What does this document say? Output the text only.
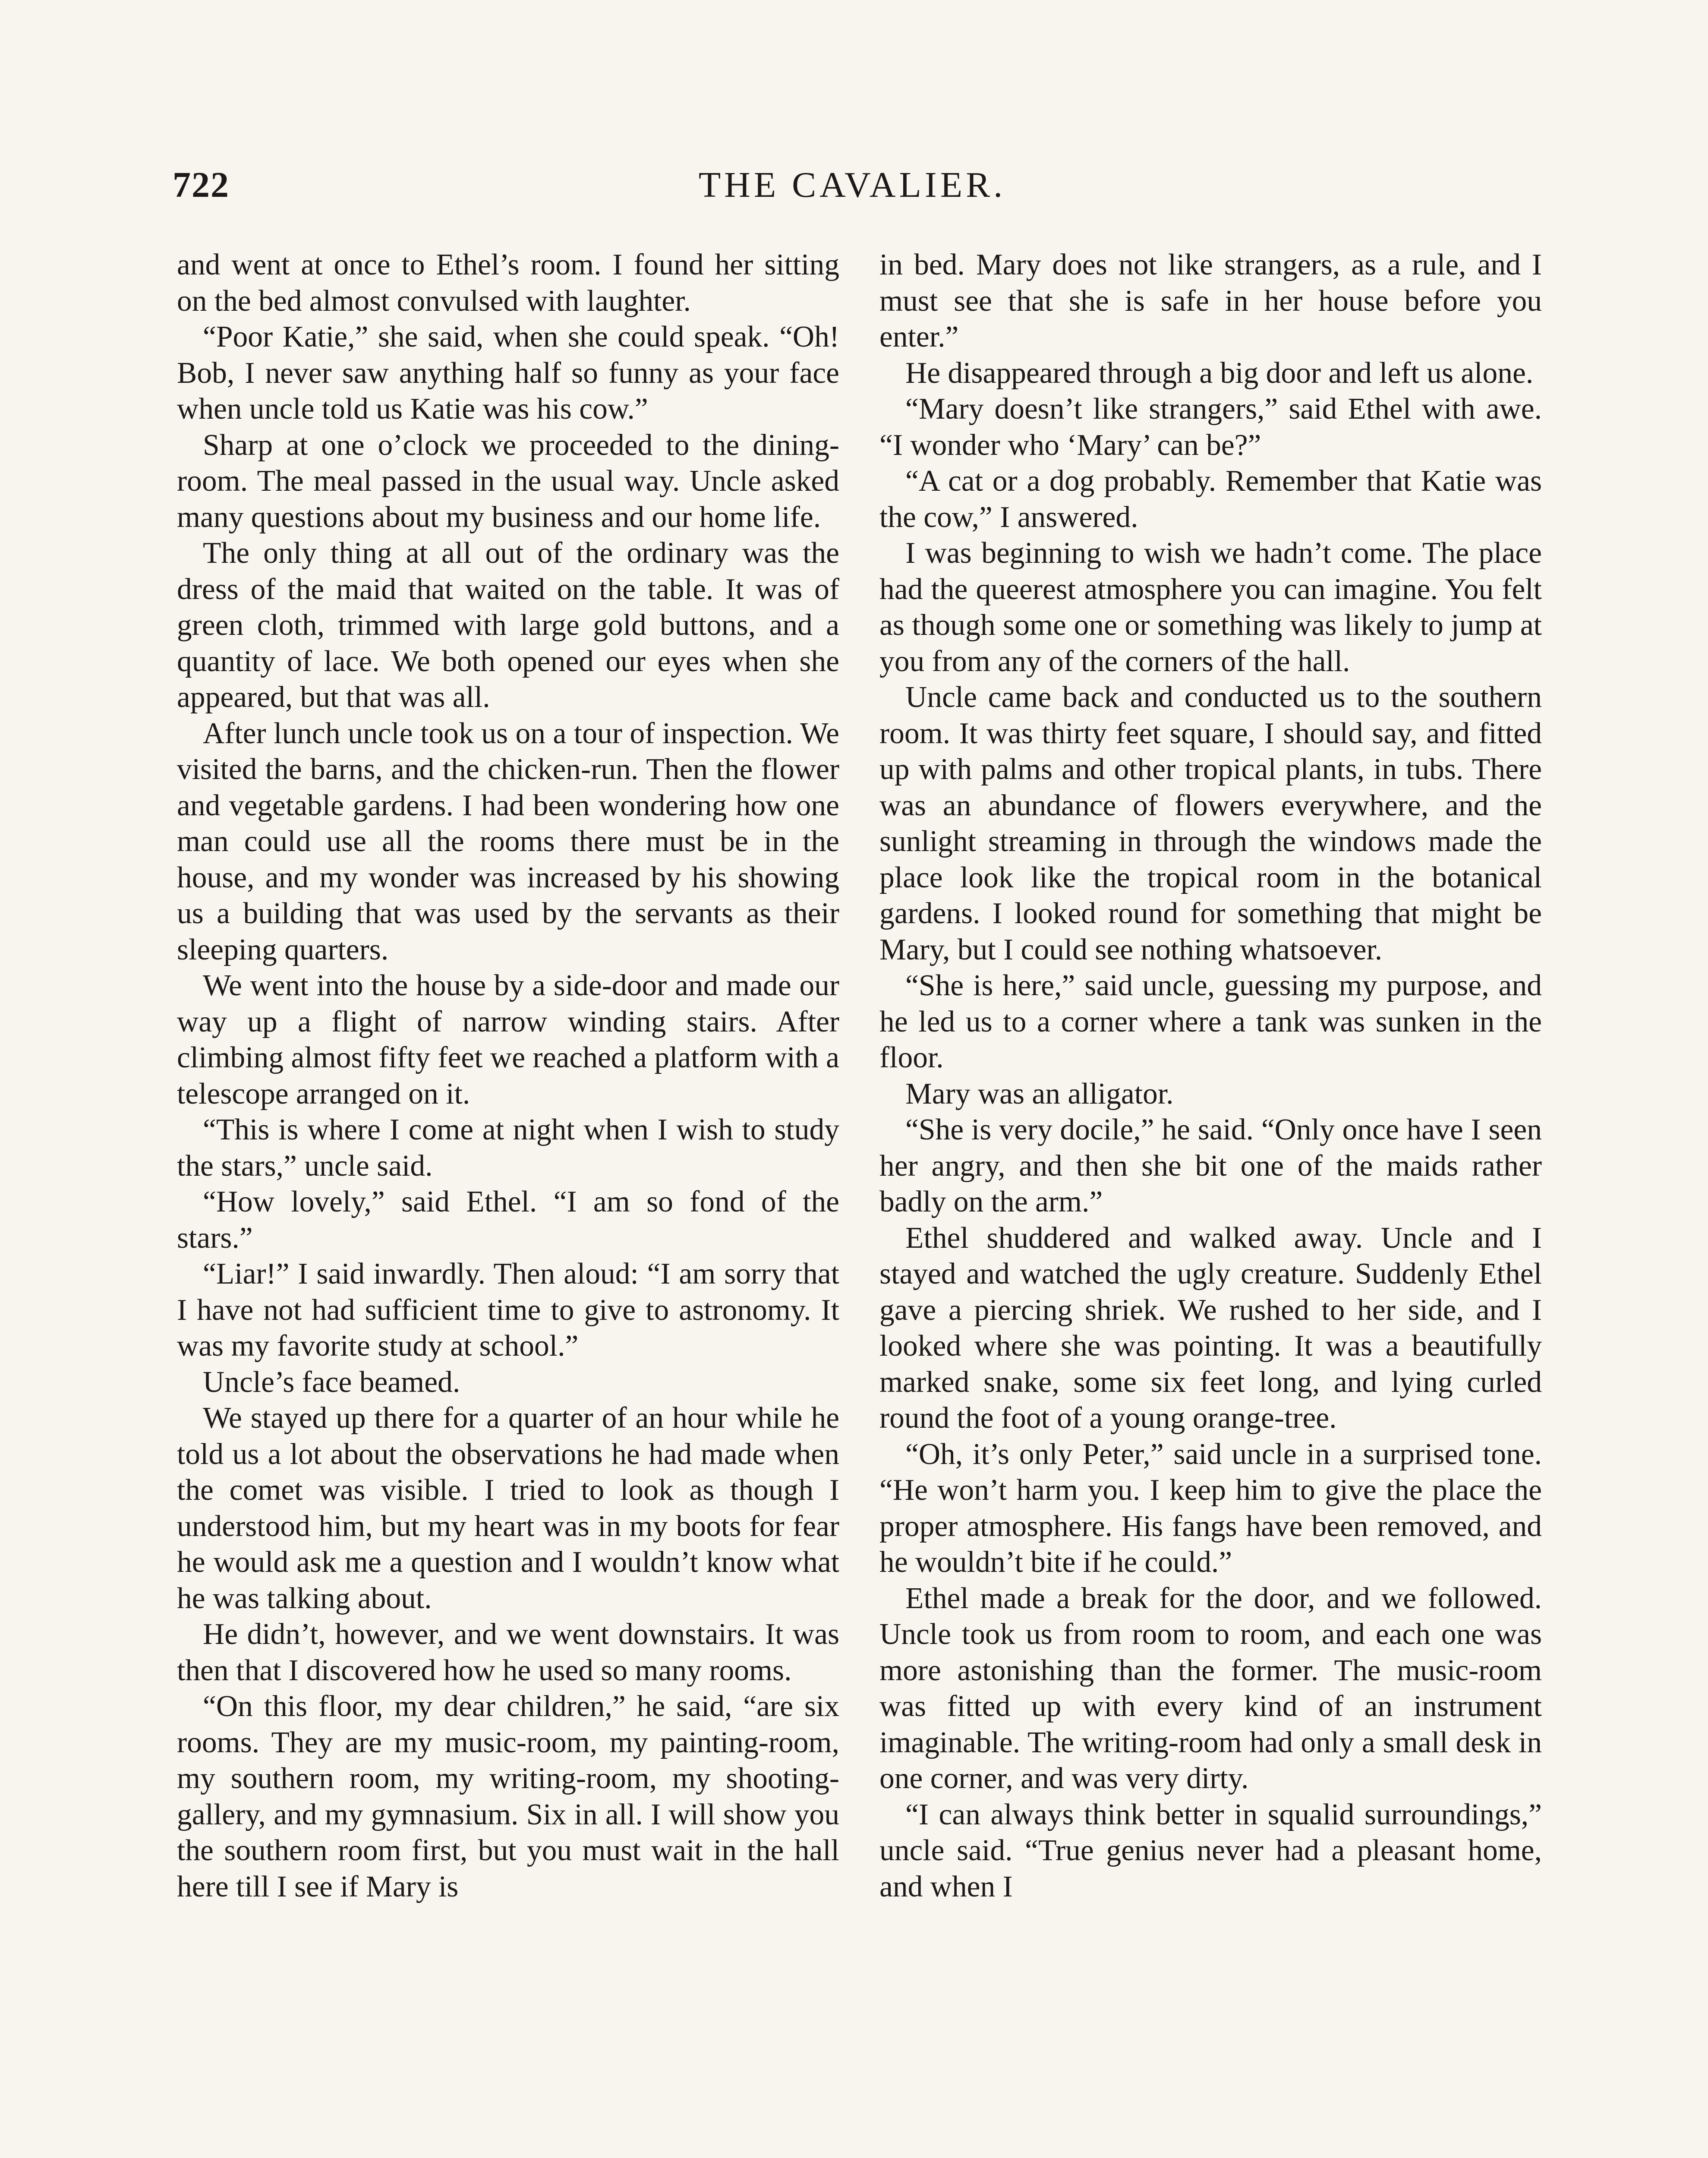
722	THE CAVALIER.

and went at once to Ethel’s room. I found her sitting on the bed almost convulsed with laughter.

“Poor Katie,” she said, when she could speak. “Oh! Bob, I never saw anything half so funny as your face when uncle told us Katie was his cow.”

Sharp at one o’clock we proceeded to the dining-room. The meal passed in the usual way. Uncle asked many questions about my business and our home life.

The only thing at all out of the ordinary was the dress of the maid that waited on the table. It was of green cloth, trimmed with large gold buttons, and a quantity of lace. We both opened our eyes when she appeared, but that was all.

After lunch uncle took us on a tour of inspection. We visited the barns, and the chicken-run. Then the flower and vegetable gardens. I had been wondering how one man could use all the rooms there must be in the house, and my wonder was increased by his showing us a building that was used by the servants as their sleeping quarters.

We went into the house by a side-door and made our way up a flight of narrow winding stairs. After climbing almost fifty feet we reached a platform with a telescope arranged on it.

“This is where I come at night when I wish to study the stars,” uncle said.

“How lovely,” said Ethel. “I am so fond of the stars.”

“Liar!” I said inwardly. Then aloud: “I am sorry that I have not had sufficient time to give to astronomy. It was my favorite study at school.”

Uncle’s face beamed.

We stayed up there for a quarter of an hour while he told us a lot about the observations he had made when the comet was visible. I tried to look as though I understood him, but my heart was in my boots for fear he would ask me a question and I wouldn’t know what he was talking about.

He didn’t, however, and we went downstairs. It was then that I discovered how he used so many rooms.

“On this floor, my dear children,” he said, “are six rooms. They are my music-room, my painting-room, my southern room, my writing-room, my shooting-gallery, and my gymnasium. Six in all. I will show you the southern room first, but you must wait in the hall here till I see if Mary is

in bed. Mary does not like strangers, as a rule, and I must see that she is safe in her house before you enter.”

He disappeared through a big door and left us alone.

“Mary doesn’t like strangers,” said Ethel with awe. “I wonder who ‘Mary’ can be?”

“A cat or a dog probably. Remember that Katie was the cow,” I answered.

I was beginning to wish we hadn’t come. The place had the queerest atmosphere you can imagine. You felt as though some one or something was likely to jump at you from any of the corners of the hall.

Uncle came back and conducted us to the southern room. It was thirty feet square, I should say, and fitted up with palms and other tropical plants, in tubs. There was an abundance of flowers everywhere, and the sunlight streaming in through the windows made the place look like the tropical room in the botanical gardens. I looked round for something that might be Mary, but I could see nothing whatsoever.

“She is here,” said uncle, guessing my purpose, and he led us to a corner where a tank was sunken in the floor.

Mary was an alligator.

“She is very docile,” he said. “Only once have I seen her angry, and then she bit one of the maids rather badly on the arm.”

Ethel shuddered and walked away. Uncle and I stayed and watched the ugly creature. Suddenly Ethel gave a piercing shriek. We rushed to her side, and I looked where she was pointing. It was a beautifully marked snake, some six feet long, and lying curled round the foot of a young orange-tree.

“Oh, it’s only Peter,” said uncle in a surprised tone. “He won’t harm you. I keep him to give the place the proper atmosphere. His fangs have been removed, and he wouldn’t bite if he could.”

Ethel made a break for the door, and we followed. Uncle took us from room to room, and each one was more astonishing than the former. The music-room was fitted up with every kind of an instrument imaginable. The writing-room had only a small desk in one corner, and was very dirty.

“I can always think better in squalid surroundings,” uncle said. “True genius never had a pleasant home, and when I
